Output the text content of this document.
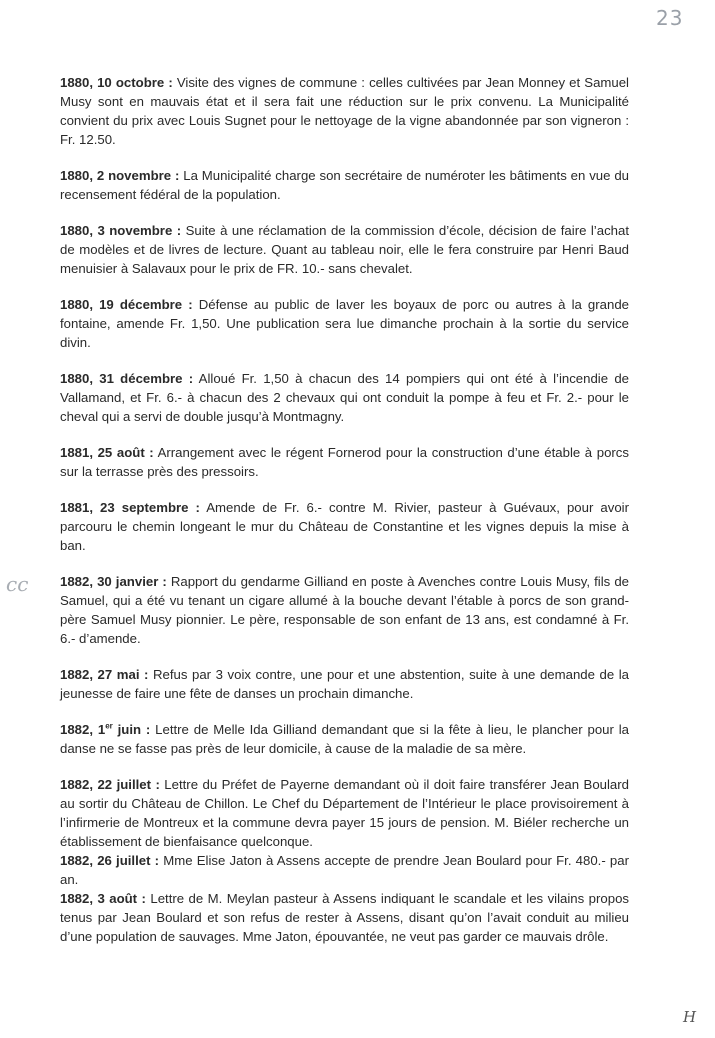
23
cc
H

1880, 10 octobre : Visite des vignes de commune : celles cultivées par Jean Monney et Samuel Musy sont en mauvais état et il sera fait une réduction sur le prix convenu. La Municipalité convient du prix avec Louis Sugnet pour le nettoyage de la vigne abandonnée par son vigneron : Fr. 12.50.

1880, 2 novembre : La Municipalité charge son secrétaire de numéroter les bâtiments en vue du recensement fédéral de la population.

1880, 3 novembre : Suite à une réclamation de la commission d’école, décision de faire l’achat de modèles et de livres de lecture. Quant au tableau noir, elle le fera construire par Henri Baud menuisier à Salavaux pour le prix de FR. 10.- sans chevalet.

1880, 19 décembre : Défense au public de laver les boyaux de porc ou autres à la grande fontaine, amende Fr. 1,50. Une publication sera lue dimanche prochain à la sortie du service divin.

1880, 31 décembre : Alloué Fr. 1,50 à chacun des 14 pompiers qui ont été à l’incendie de Vallamand, et Fr. 6.- à chacun des 2 chevaux qui ont conduit la pompe à feu et Fr. 2.- pour le cheval qui a servi de double jusqu’à Montmagny.

1881, 25 août : Arrangement avec le régent Fornerod pour la construction d’une étable à porcs sur la terrasse près des pressoirs.

1881, 23 septembre : Amende de Fr. 6.- contre M. Rivier, pasteur à Guévaux, pour avoir parcouru le chemin longeant le mur du Château de Constantine et les vignes depuis la mise à ban.

1882, 30 janvier : Rapport du gendarme Gilliand en poste à Avenches contre Louis Musy, fils de Samuel, qui a été vu tenant un cigare allumé à la bouche devant l’étable à porcs de son grand-père Samuel Musy pionnier. Le père, responsable de son enfant de 13 ans, est condamné à Fr. 6.- d’amende.

1882, 27 mai : Refus par 3 voix contre, une pour et une abstention, suite à une demande de la jeunesse de faire une fête de danses un prochain dimanche.

1882, 1er juin : Lettre de Melle Ida Gilliand demandant que si la fête à lieu, le plancher pour la danse ne se fasse pas près de leur domicile, à cause de la maladie de sa mère.

1882, 22 juillet : Lettre du Préfet de Payerne demandant où il doit faire transférer Jean Boulard au sortir du Château de Chillon. Le Chef du Département de l’Intérieur le place provisoirement à l’infirmerie de Montreux et la commune devra payer 15 jours de pension. M. Biéler recherche un établissement de bienfaisance quelconque.

1882, 26 juillet : Mme Elise Jaton à Assens accepte de prendre Jean Boulard pour Fr. 480.- par an.

1882, 3 août : Lettre de M. Meylan pasteur à Assens indiquant le scandale et les vilains propos tenus par Jean Boulard et son refus de rester à Assens, disant qu’on l’avait conduit au milieu d’une population de sauvages. Mme Jaton, épouvantée, ne veut pas garder ce mauvais drôle.
